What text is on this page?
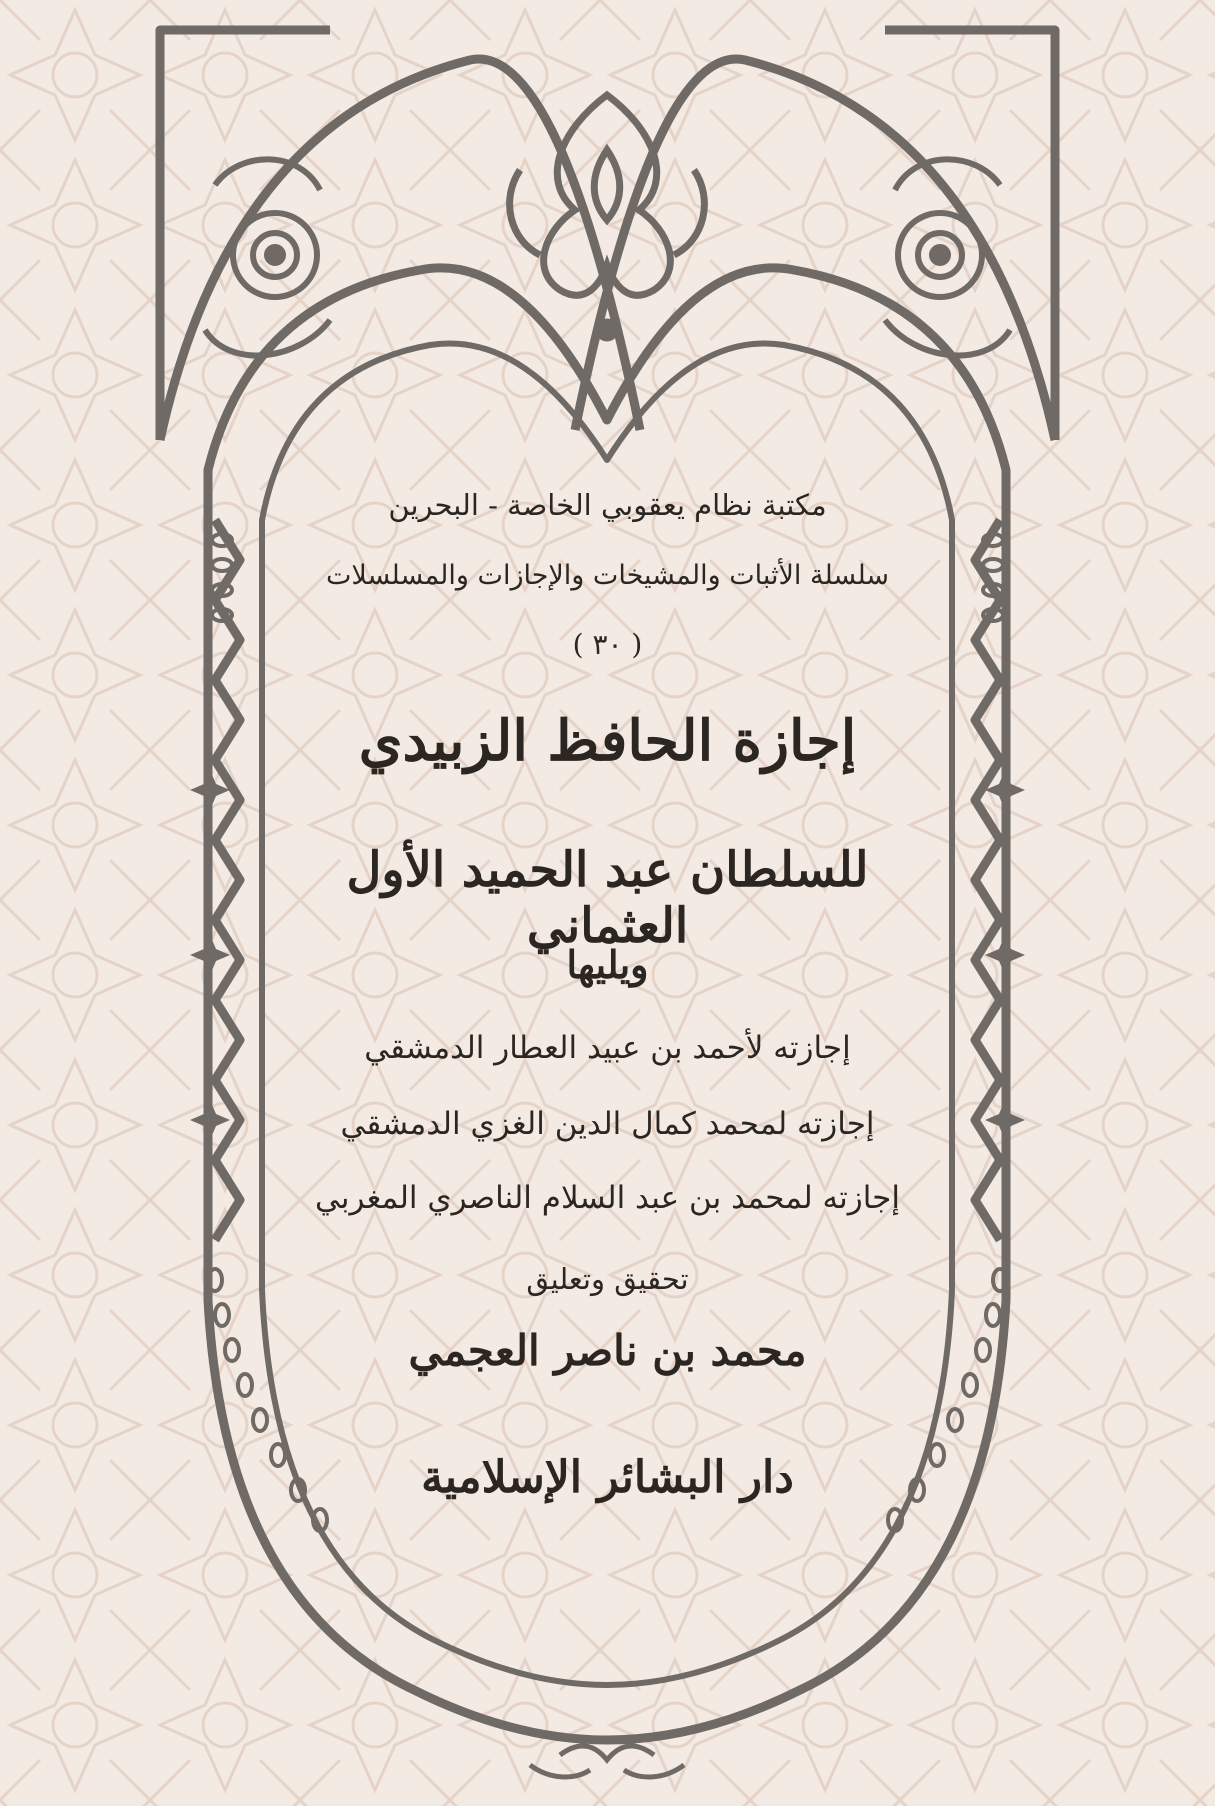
مكتبة نظام يعقوبي الخاصة - البحرين
سلسلة الأثبات والمشيخات والإجازات والمسلسلات
( ٣٠ )
إجازة الحافظ الزبيدي
للسلطان عبد الحميد الأول العثماني
ويليها
إجازته لأحمد بن عبيد العطار الدمشقي
إجازته لمحمد كمال الدين الغزي الدمشقي
إجازته لمحمد بن عبد السلام الناصري المغربي
تحقيق وتعليق
محمد بن ناصر العجمي
دار البشائر الإسلامية
